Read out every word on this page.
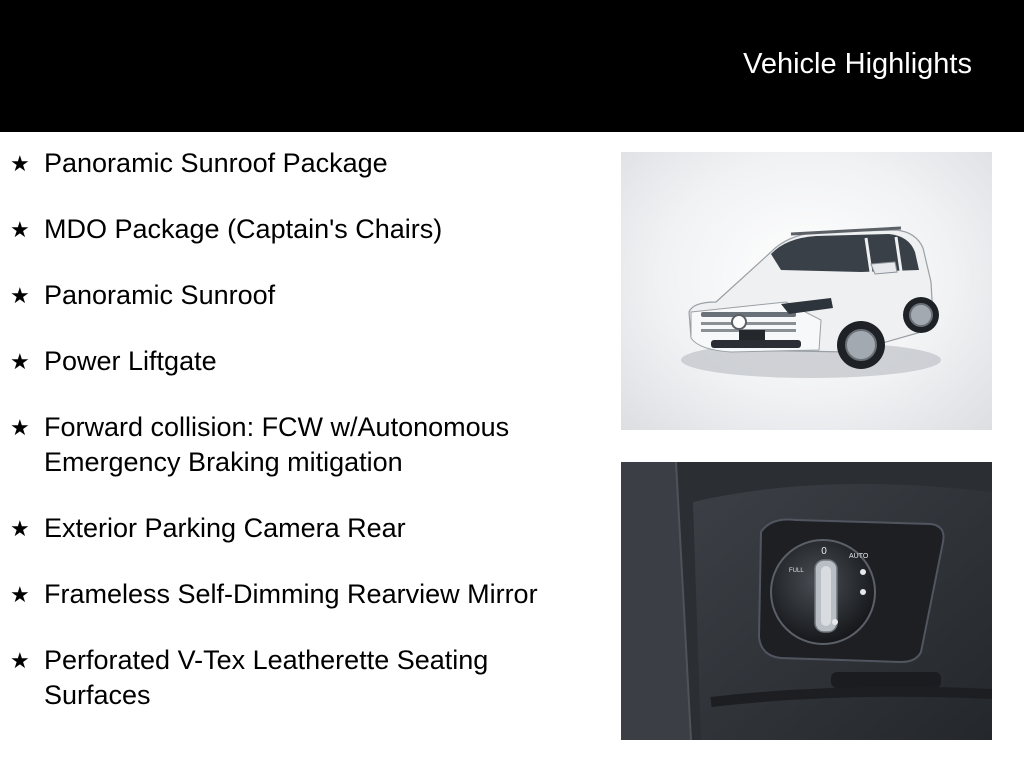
Vehicle Highlights
★ Panoramic Sunroof Package
★ MDO Package (Captain's Chairs)
★ Panoramic Sunroof
★ Power Liftgate
★ Forward collision: FCW w/Autonomous Emergency Braking mitigation
★ Exterior Parking Camera Rear
★ Frameless Self-Dimming Rearview Mirror
★ Perforated V-Tex Leatherette Seating Surfaces
0	AUTO
FULL
